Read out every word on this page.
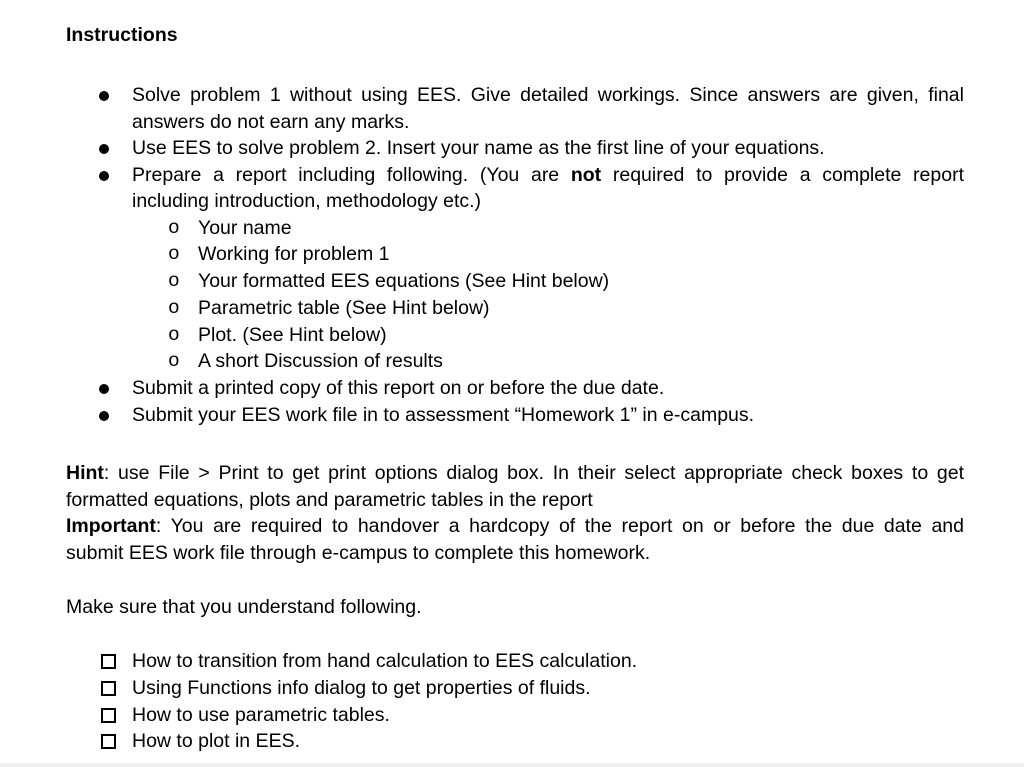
Instructions
Solve problem 1 without using EES. Give detailed workings. Since answers are given, final
answers do not earn any marks.
Use EES to solve problem 2. Insert your name as the first line of your equations.
Prepare a report including following. (You are not required to provide a complete report
including introduction, methodology etc.)
o Your name
o Working for problem 1
o Your formatted EES equations (See Hint below)
o Parametric table (See Hint below)
o Plot. (See Hint below)
o A short Discussion of results
Submit a printed copy of this report on or before the due date.
Submit your EES work file in to assessment “Homework 1” in e-campus.
Hint: use File > Print to get print options dialog box. In their select appropriate check boxes to get
formatted equations, plots and parametric tables in the report
Important: You are required to handover a hardcopy of the report on or before the due date and
submit EES work file through e-campus to complete this homework.
Make sure that you understand following.
How to transition from hand calculation to EES calculation.
Using Functions info dialog to get properties of fluids.
How to use parametric tables.
How to plot in EES.
